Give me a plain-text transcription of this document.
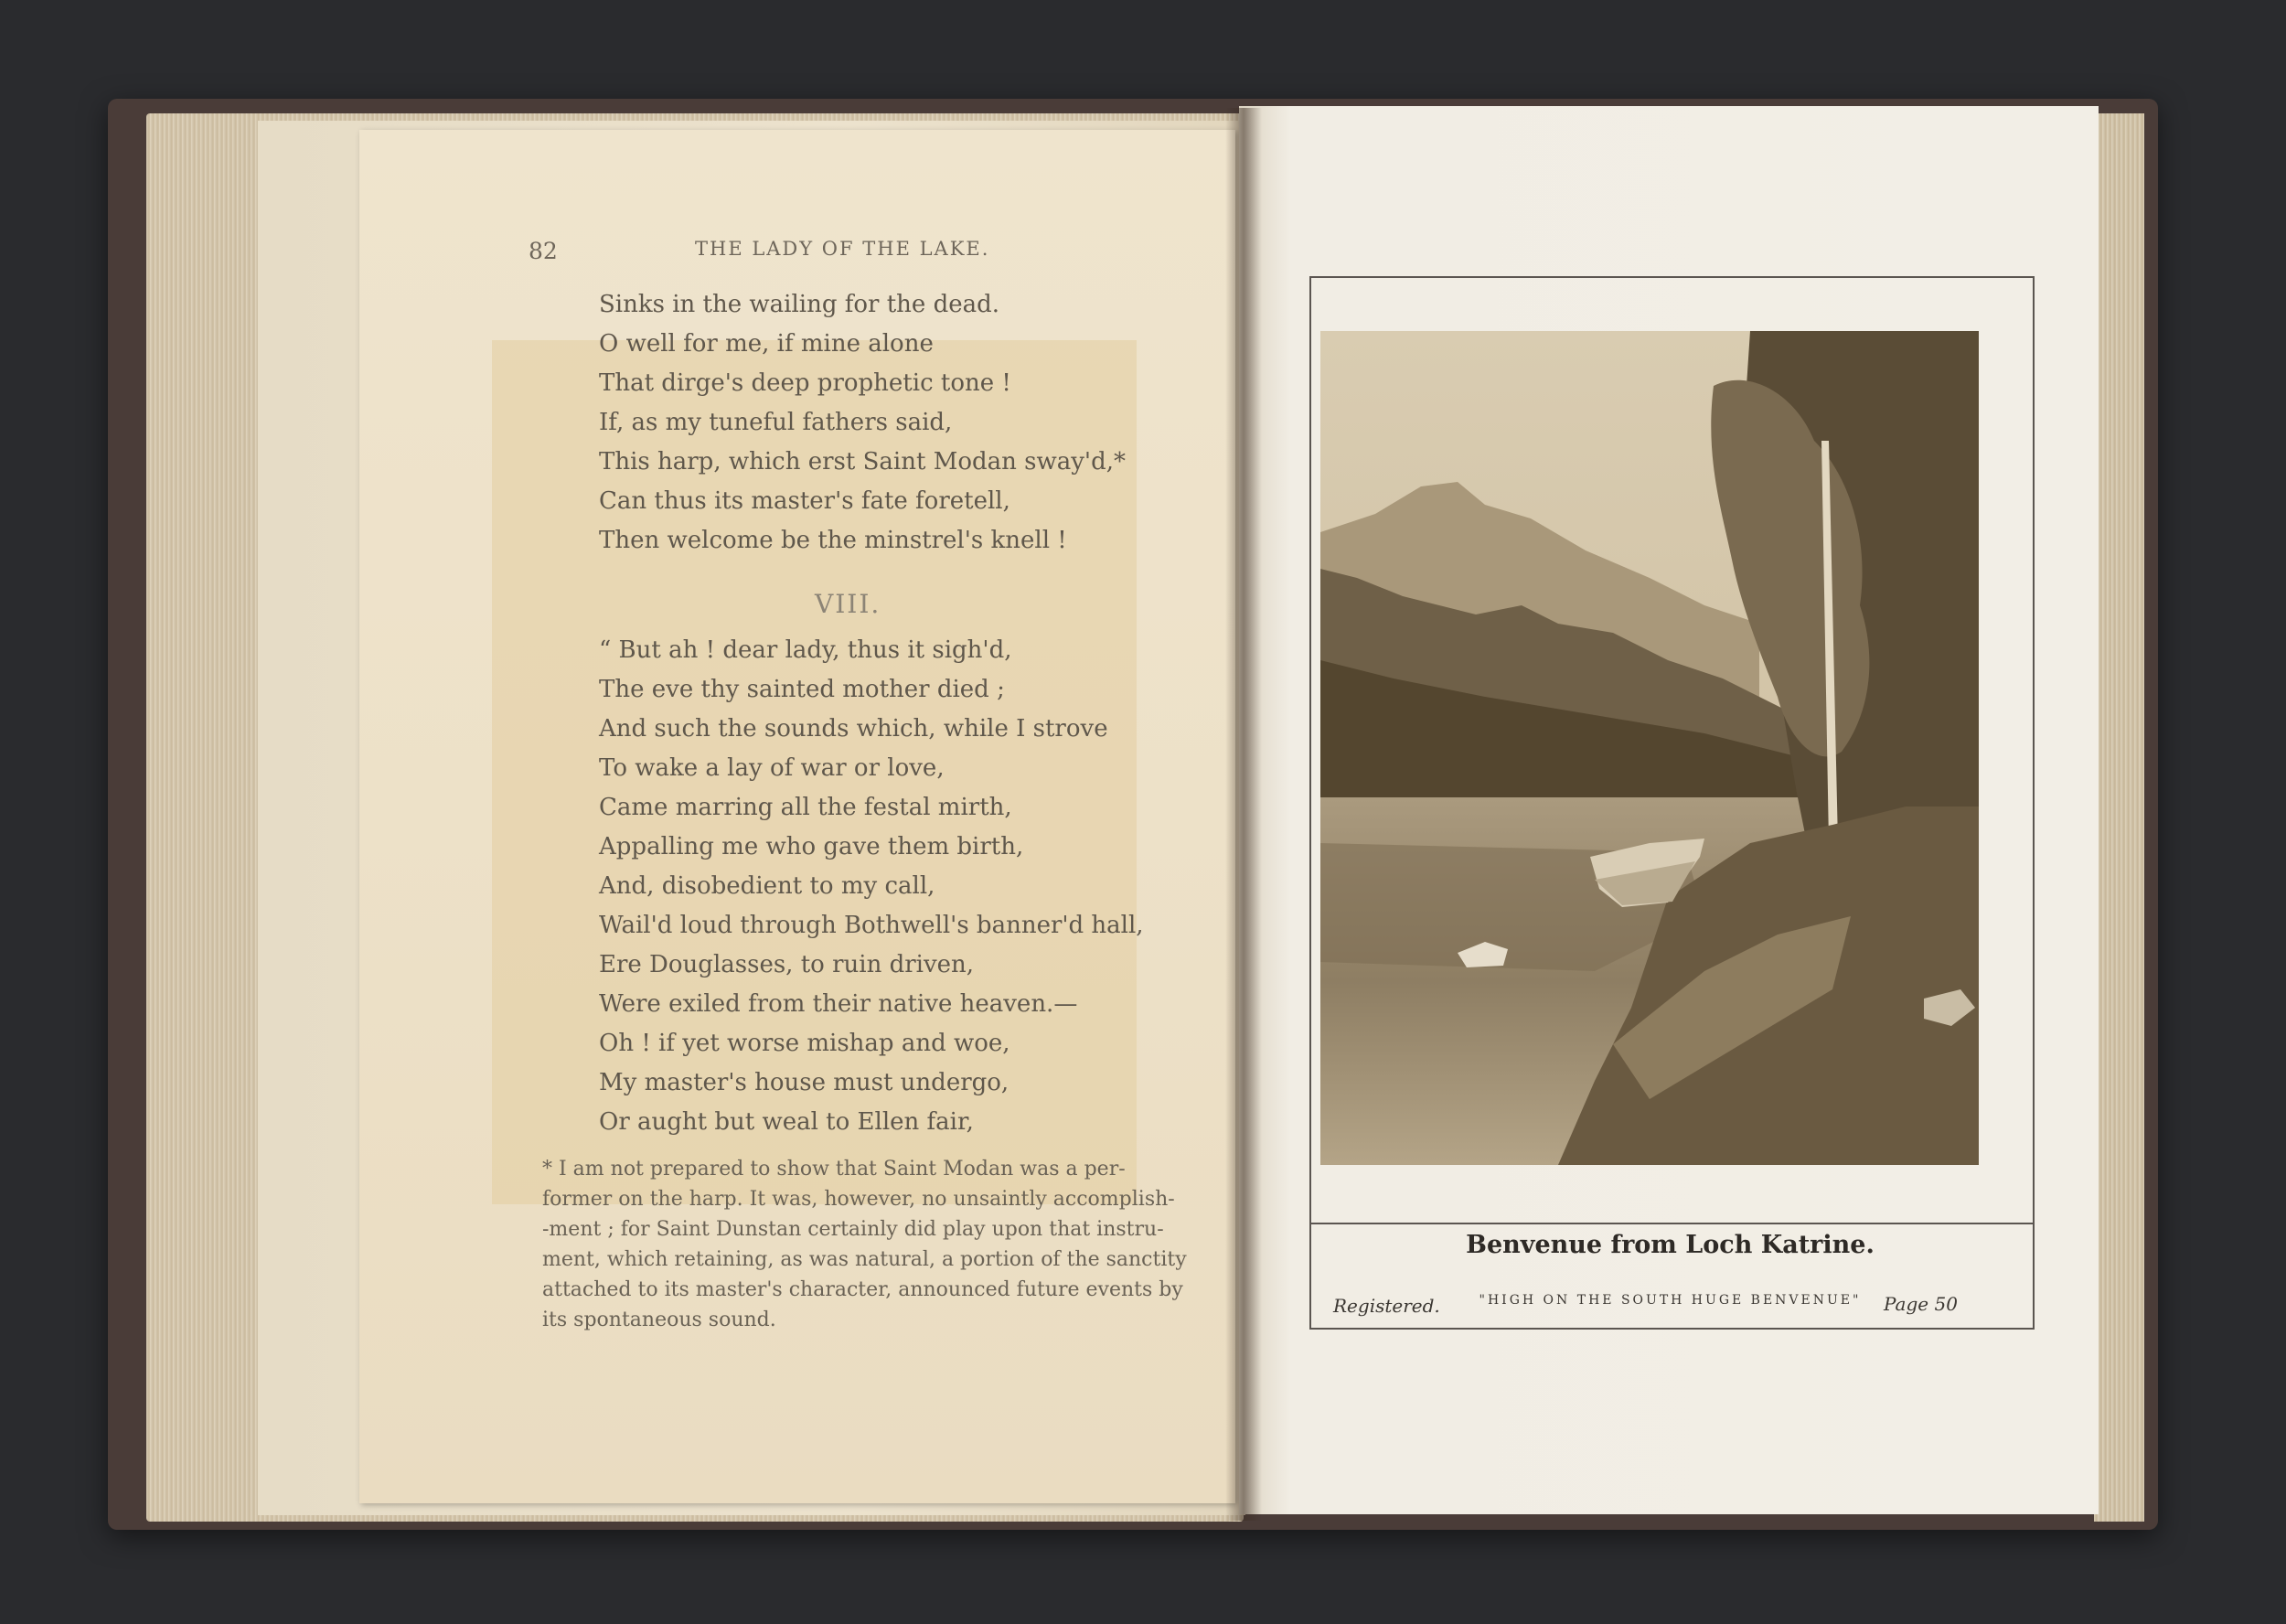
82	THE LADY OF THE LAKE.
Sinks in the wailing for the dead.
O well for me, if mine alone
That dirge's deep prophetic tone !
If, as my tuneful fathers said,
This harp, which erst Saint Modan sway'd,*
Can thus its master's fate foretell,
Then welcome be the minstrel's knell !
VIII.
“ But ah ! dear lady, thus it sigh'd,
The eve thy sainted mother died ;
And such the sounds which, while I strove
To wake a lay of war or love,
Came marring all the festal mirth,
Appalling me who gave them birth,
And, disobedient to my call,
Wail'd loud through Bothwell's banner'd hall,
Ere Douglasses, to ruin driven,
Were exiled from their native heaven.—
Oh ! if yet worse mishap and woe,
My master's house must undergo,
Or aught but weal to Ellen fair,
* I am not prepared to show that Saint Modan was a per-
former on the harp. It was, however, no unsaintly accomplish-
-ment ; for Saint Dunstan certainly did play upon that instru-
ment, which retaining, as was natural, a portion of the sanctity
attached to its master's character, announced future events by
its spontaneous sound.
Benvenue from Loch Katrine.
Registered.	"HIGH ON THE SOUTH HUGE BENVENUE"	Page 50
